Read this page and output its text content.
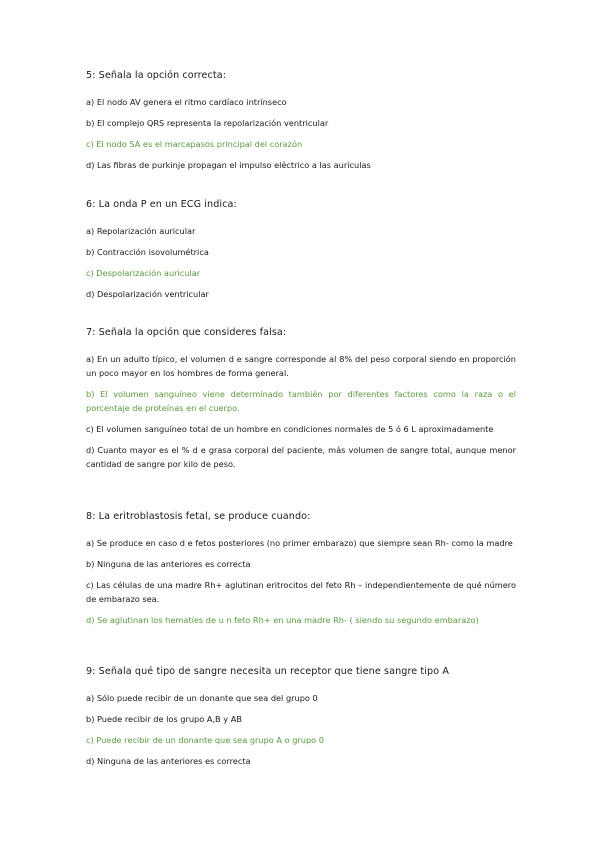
5: Señala la opción correcta:
a) El nodo AV genera el ritmo cardíaco intrínseco
b) El complejo QRS representa la repolarización ventricular
c) El nodo SA es el marcapasos principal del corazón
d) Las fibras de purkinje propagan el impulso eléctrico a las aurículas
6: La onda P en un ECG indica:
a) Repolarización auricular
b) Contracción isovolumétrica
c) Despolarización auricular
d) Despolarización ventricular
7: Señala la opción que consideres falsa:
a) En un adulto típico, el volumen d e sangre corresponde al 8% del peso corporal siendo en proporción un poco mayor en los hombres de forma general.
b) El volumen sanguíneo viene determinado también por diferentes factores como la raza o el porcentaje de proteínas en el cuerpo.
c) El volumen sanguíneo total de un hombre en condiciones normales de 5 ó 6 L aproximadamente
d) Cuanto mayor es el % d e grasa corporal del paciente, más volumen de sangre total, aunque menor cantidad de sangre por kilo de peso.
8: La eritroblastosis fetal, se produce cuando:
a) Se produce en caso d e fetos posteriores (no primer embarazo) que siempre sean Rh- como la madre
b) Ninguna de las anteriores es correcta
c) Las células de una madre Rh+ aglutinan eritrocitos del feto Rh – independientemente de qué número de embarazo sea.
d) Se aglutinan los hematíes de u n feto Rh+ en una madre Rh- ( siendo su segundo embarazo)
9: Señala qué tipo de sangre necesita un receptor que tiene sangre tipo A
a) Sólo puede recibir de un donante que sea del grupo 0
b) Puede recibir de los grupo A,B y AB
c) Puede recibir de un donante que sea grupo A o grupo 0
d) Ninguna de las anteriores es correcta
